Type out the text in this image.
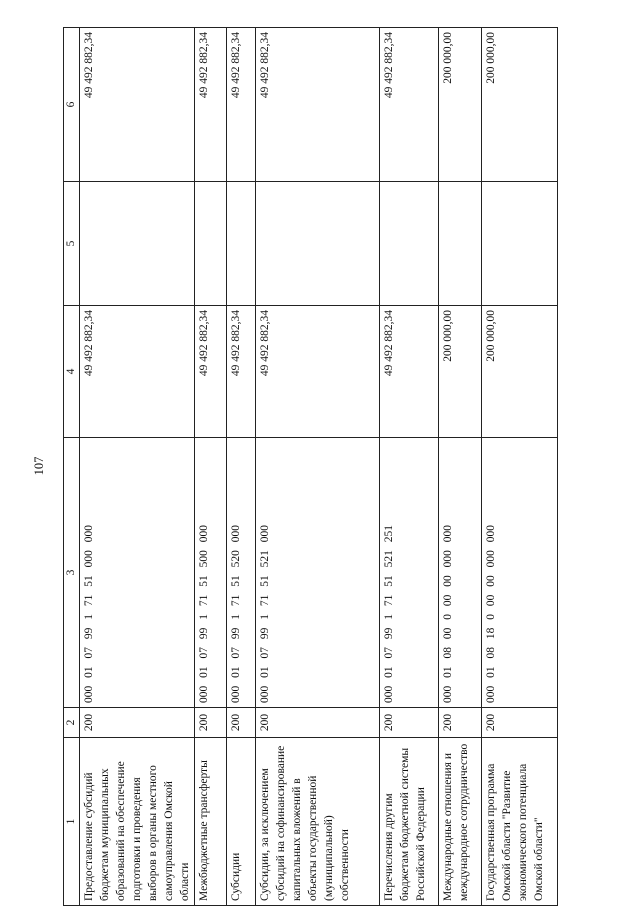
107
1	2	3	4	5	6
Предоставление субсидий бюджетам муниципальных образований на обеспечение подготовки и проведения выборов в органы местного самоуправления Омской области	200	000 01 07 99 1 71 51 000 000	49 492 882,34		49 492 882,34
Межбюджетные трансферты	200	000 01 07 99 1 71 51 500 000	49 492 882,34		49 492 882,34
Субсидии	200	000 01 07 99 1 71 51 520 000	49 492 882,34		49 492 882,34
Субсидии, за исключением субсидий на софинансирование капитальных вложений в объекты государственной (муниципальной) собственности	200	000 01 07 99 1 71 51 521 000	49 492 882,34		49 492 882,34
Перечисления другим бюджетам бюджетной системы Российской Федерации	200	000 01 07 99 1 71 51 521 251	49 492 882,34		49 492 882,34
Международные отношения и международное сотрудничество	200	000 01 08 00 0 00 00 000 000	200 000,00		200 000,00
Государственная программа Омской области "Развитие экономического потенциала Омской области"	200	000 01 08 18 0 00 00 000 000	200 000,00		200 000,00
